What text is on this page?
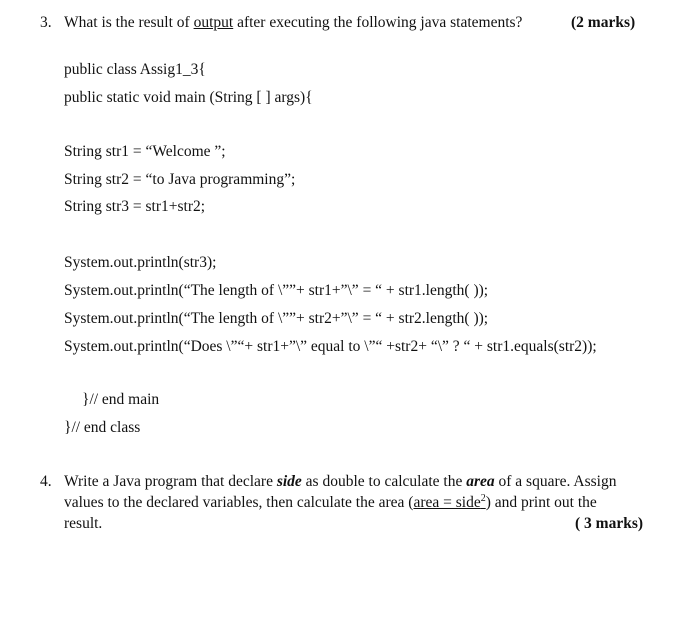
3. What is the result of output after executing the following java statements?	(2 marks)
public class Assig1_3{
public static void main (String [ ] args){
String str1 = “Welcome ”;
String str2 = “to Java programming”;
String str3 = str1+str2;
System.out.println(str3);
System.out.println(“The length of \””+ str1+”\” = “ + str1.length( ));
System.out.println(“The length of \””+ str2+”\” = “ + str2.length( ));
System.out.println(“Does \”“+ str1+”\” equal to \”“ +str2+ “\” ? “ + str1.equals(str2));
}// end main
}// end class
4. Write a Java program that declare side as double to calculate the area of a square. Assign
values to the declared variables, then calculate the area (area = side$^2$) and print out the
result.	( 3 marks)
